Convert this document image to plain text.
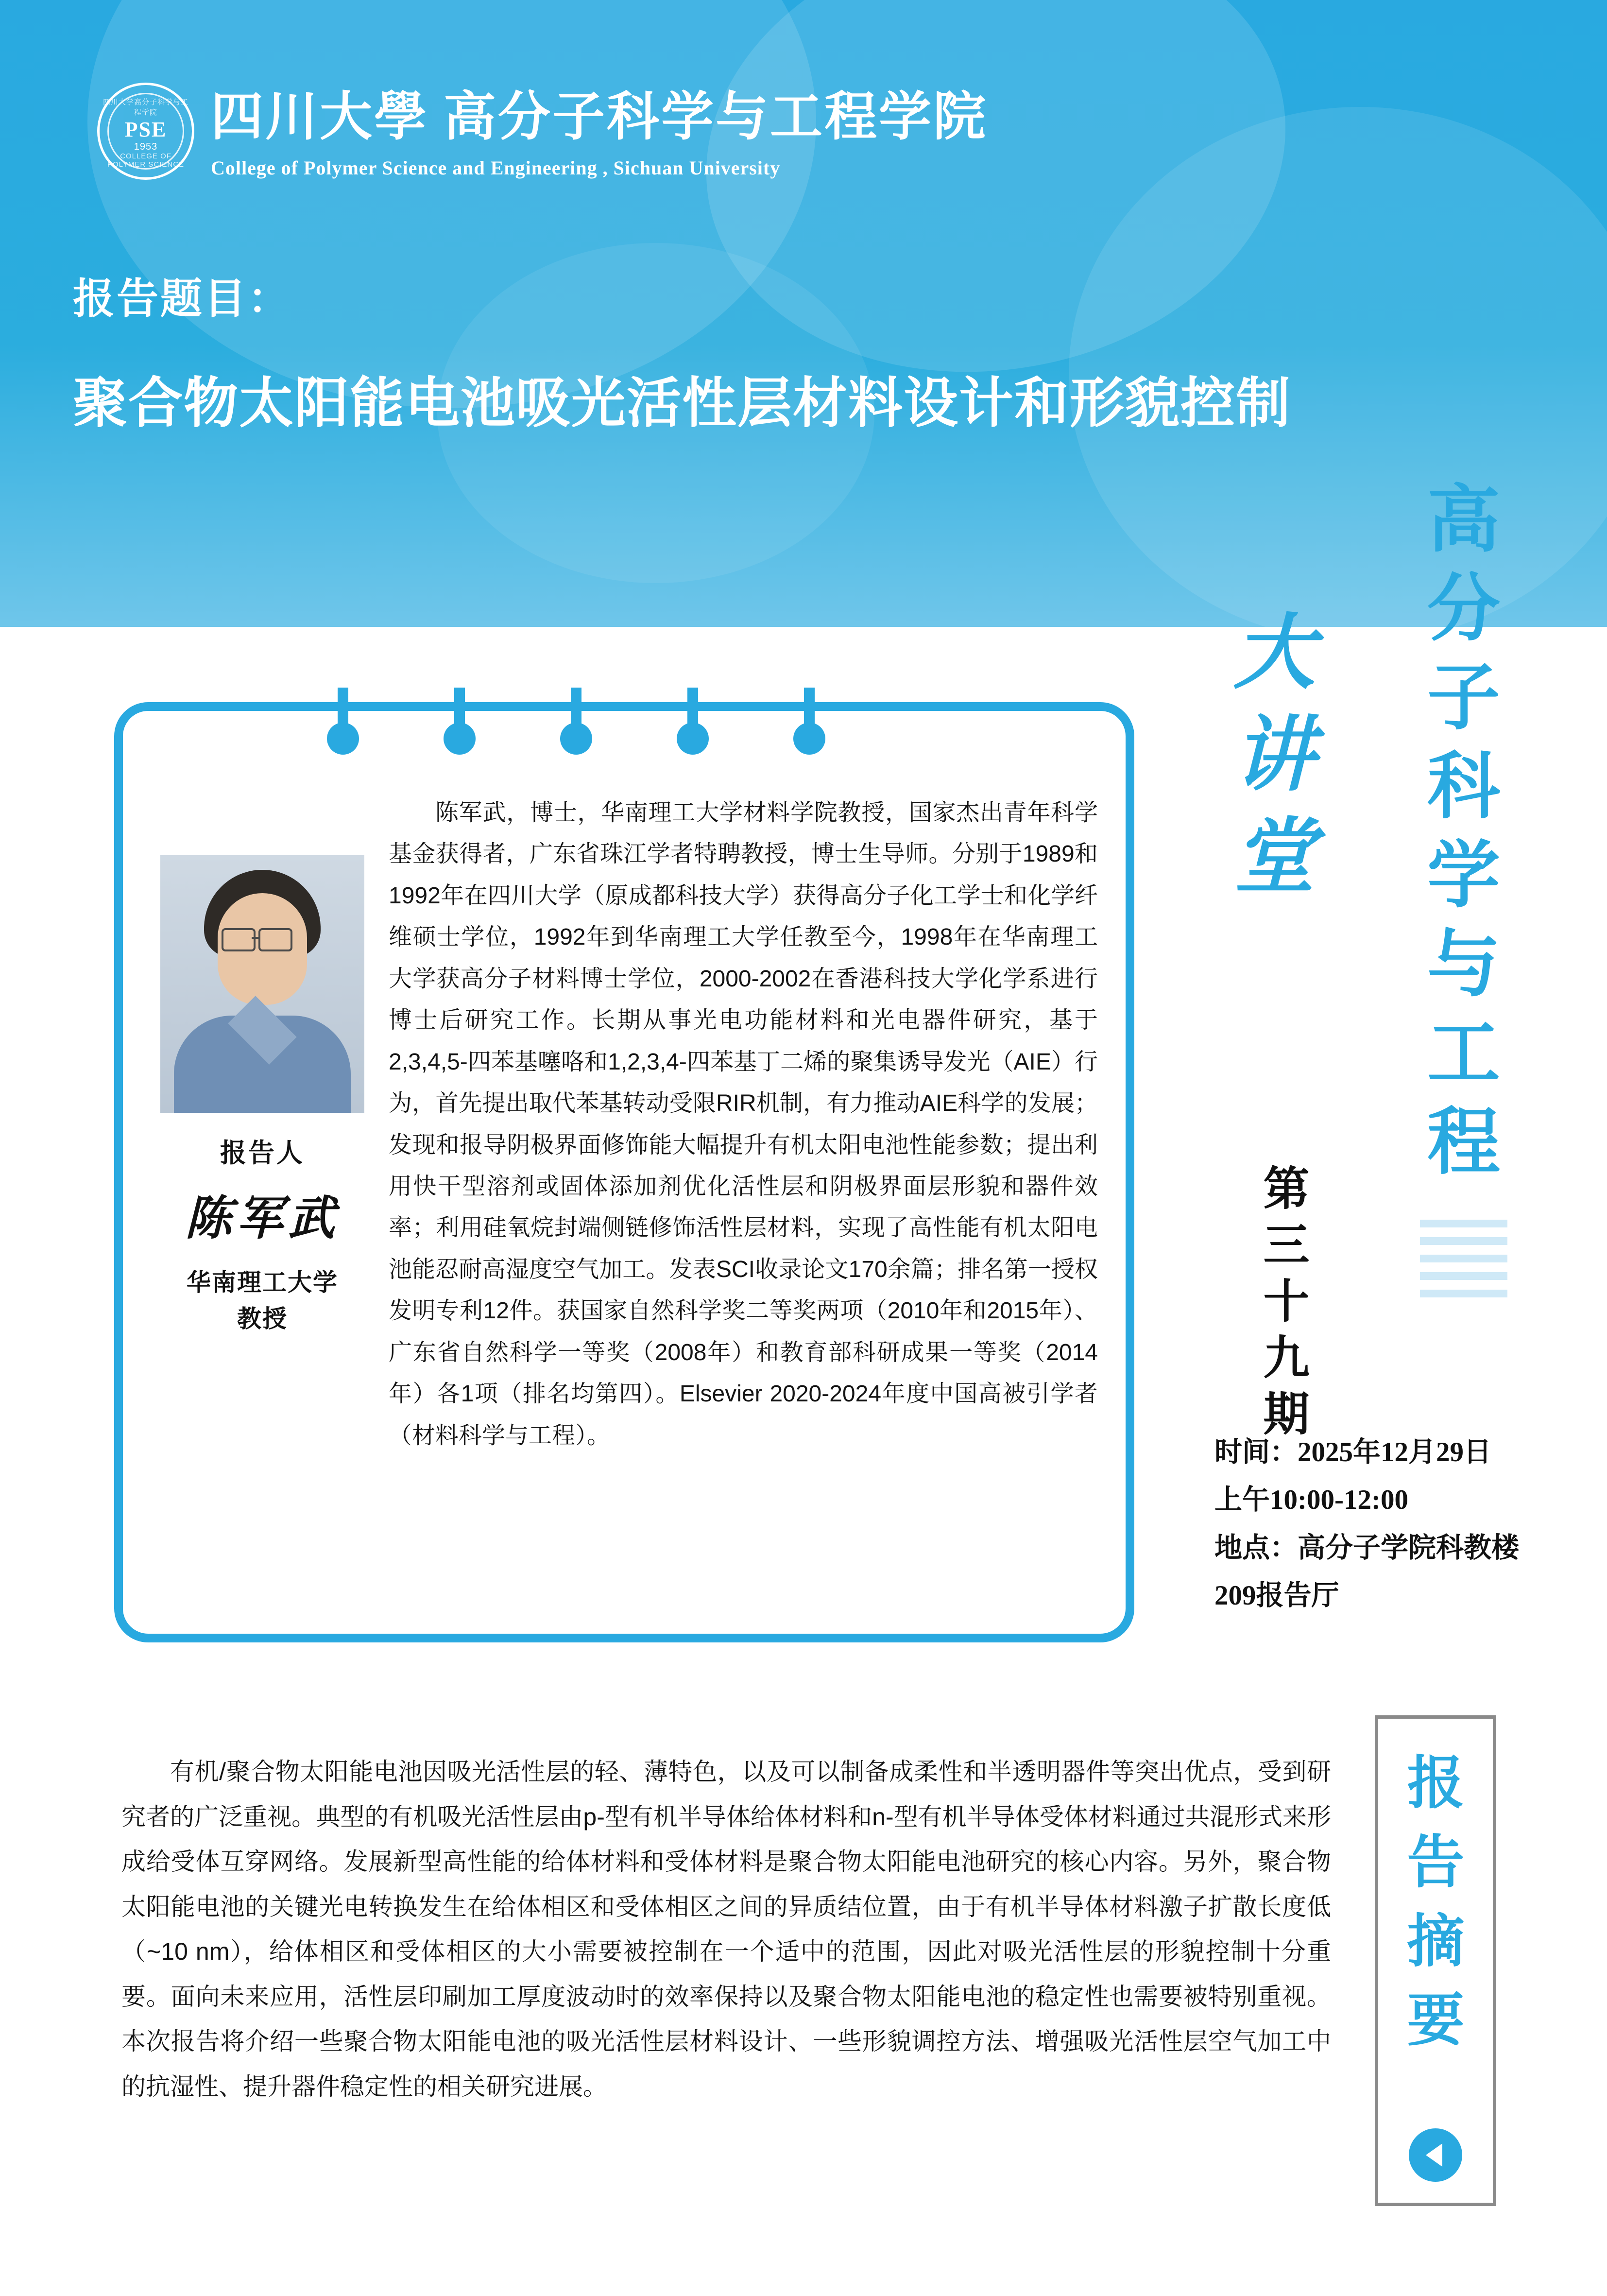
四川大学高分子科学与工程学院
PSE
1953
COLLEGE OF POLYMER SCIENCE
四川大學 高分子科学与工程学院
College of Polymer Science and Engineering , Sichuan University
报告题目：
聚合物太阳能电池吸光活性层材料设计和形貌控制
高
分
子
科
学
与
工
程
大
讲
堂
第
三
十
九
期
报告人
陈军武
华南理工大学
教授
陈军武，博士，华南理工大学材料学院教授，国家杰出青年科学基金获得者，广东省珠江学者特聘教授，博士生导师。分别于1989和1992年在四川大学（原成都科技大学）获得高分子化工学士和化学纤维硕士学位，1992年到华南理工大学任教至今，1998年在华南理工大学获高分子材料博士学位，2000-2002在香港科技大学化学系进行博士后研究工作。长期从事光电功能材料和光电器件研究，基于2,3,4,5-四苯基噻咯和1,2,3,4-四苯基丁二烯的聚集诱导发光（AIE）行为，首先提出取代苯基转动受限RIR机制，有力推动AIE科学的发展；发现和报导阴极界面修饰能大幅提升有机太阳电池性能参数；提出利用快干型溶剂或固体添加剂优化活性层和阴极界面层形貌和器件效率；利用硅氧烷封端侧链修饰活性层材料，实现了高性能有机太阳电池能忍耐高湿度空气加工。发表SCI收录论文170余篇；排名第一授权发明专利12件。获国家自然科学奖二等奖两项（2010年和2015年）、广东省自然科学一等奖（2008年）和教育部科研成果一等奖（2014年）各1项（排名均第四）。Elsevier 2020-2024年度中国高被引学者（材料科学与工程）。
时间：2025年12月29日
上午10:00-12:00
地点：高分子学院科教楼
209报告厅
有机/聚合物太阳能电池因吸光活性层的轻、薄特色，以及可以制备成柔性和半透明器件等突出优点，受到研究者的广泛重视。典型的有机吸光活性层由p-型有机半导体给体材料和n-型有机半导体受体材料通过共混形式来形成给受体互穿网络。发展新型高性能的给体材料和受体材料是聚合物太阳能电池研究的核心内容。另外，聚合物太阳能电池的关键光电转换发生在给体相区和受体相区之间的异质结位置，由于有机半导体材料激子扩散长度低（~10 nm），给体相区和受体相区的大小需要被控制在一个适中的范围，因此对吸光活性层的形貌控制十分重要。面向未来应用，活性层印刷加工厚度波动时的效率保持以及聚合物太阳能电池的稳定性也需要被特别重视。本次报告将介绍一些聚合物太阳能电池的吸光活性层材料设计、一些形貌调控方法、增强吸光活性层空气加工中的抗湿性、提升器件稳定性的相关研究进展。
报
告
摘
要
